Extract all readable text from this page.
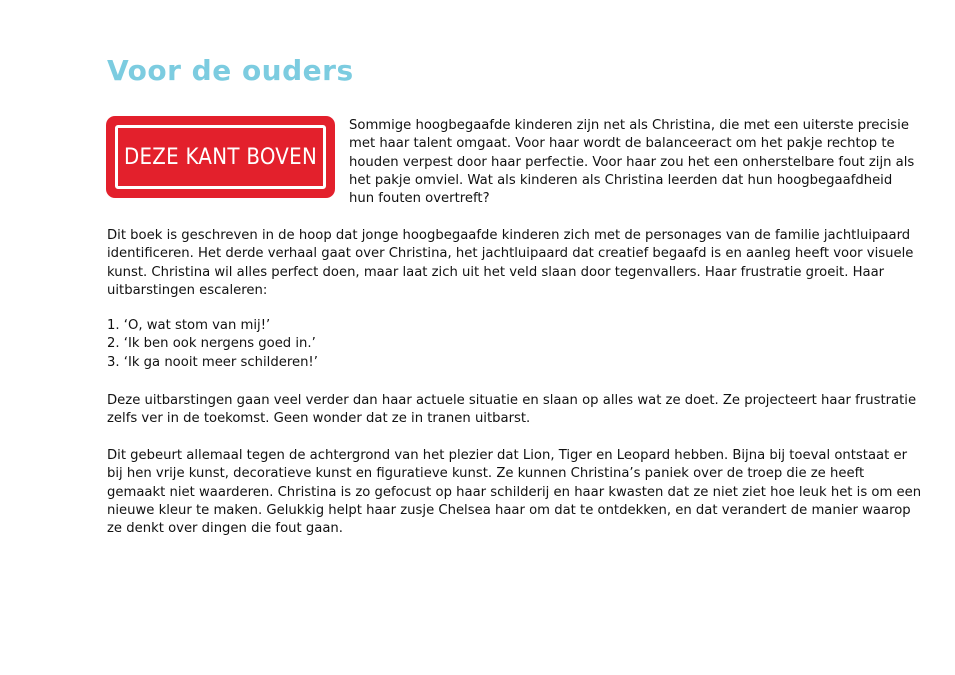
Voor de ouders
DEZE KANT BOVEN

Sommige hoogbegaafde kinderen zijn net als Christina, die met een uiterste precisie met haar talent omgaat. Voor haar wordt de balanceeract om het pakje rechtop te houden verpest door haar perfectie. Voor haar zou het een onherstelbare fout zijn als het pakje omviel. Wat als kinderen als Christina leerden dat hun hoogbegaafdheid hun fouten overtreft?

Dit boek is geschreven in de hoop dat jonge hoogbegaafde kinderen zich met de personages van de familie jachtluipaard identificeren. Het derde verhaal gaat over Christina, het jachtluipaard dat creatief begaafd is en aanleg heeft voor visuele kunst. Christina wil alles perfect doen, maar laat zich uit het veld slaan door tegenvallers. Haar frustratie groeit. Haar uitbarstingen escaleren:

1. ‘O, wat stom van mij!’
2. ‘Ik ben ook nergens goed in.’
3. ‘Ik ga nooit meer schilderen!’

Deze uitbarstingen gaan veel verder dan haar actuele situatie en slaan op alles wat ze doet. Ze projecteert haar frustratie zelfs ver in de toekomst. Geen wonder dat ze in tranen uitbarst.

Dit gebeurt allemaal tegen de achtergrond van het plezier dat Lion, Tiger en Leopard hebben. Bijna bij toeval ontstaat er bij hen vrije kunst, decoratieve kunst en figuratieve kunst. Ze kunnen Christina’s paniek over de troep die ze heeft gemaakt niet waarderen. Christina is zo gefocust op haar schilderij en haar kwasten dat ze niet ziet hoe leuk het is om een nieuwe kleur te maken. Gelukkig helpt haar zusje Chelsea haar om dat te ontdekken, en dat verandert de manier waarop ze denkt over dingen die fout gaan.
